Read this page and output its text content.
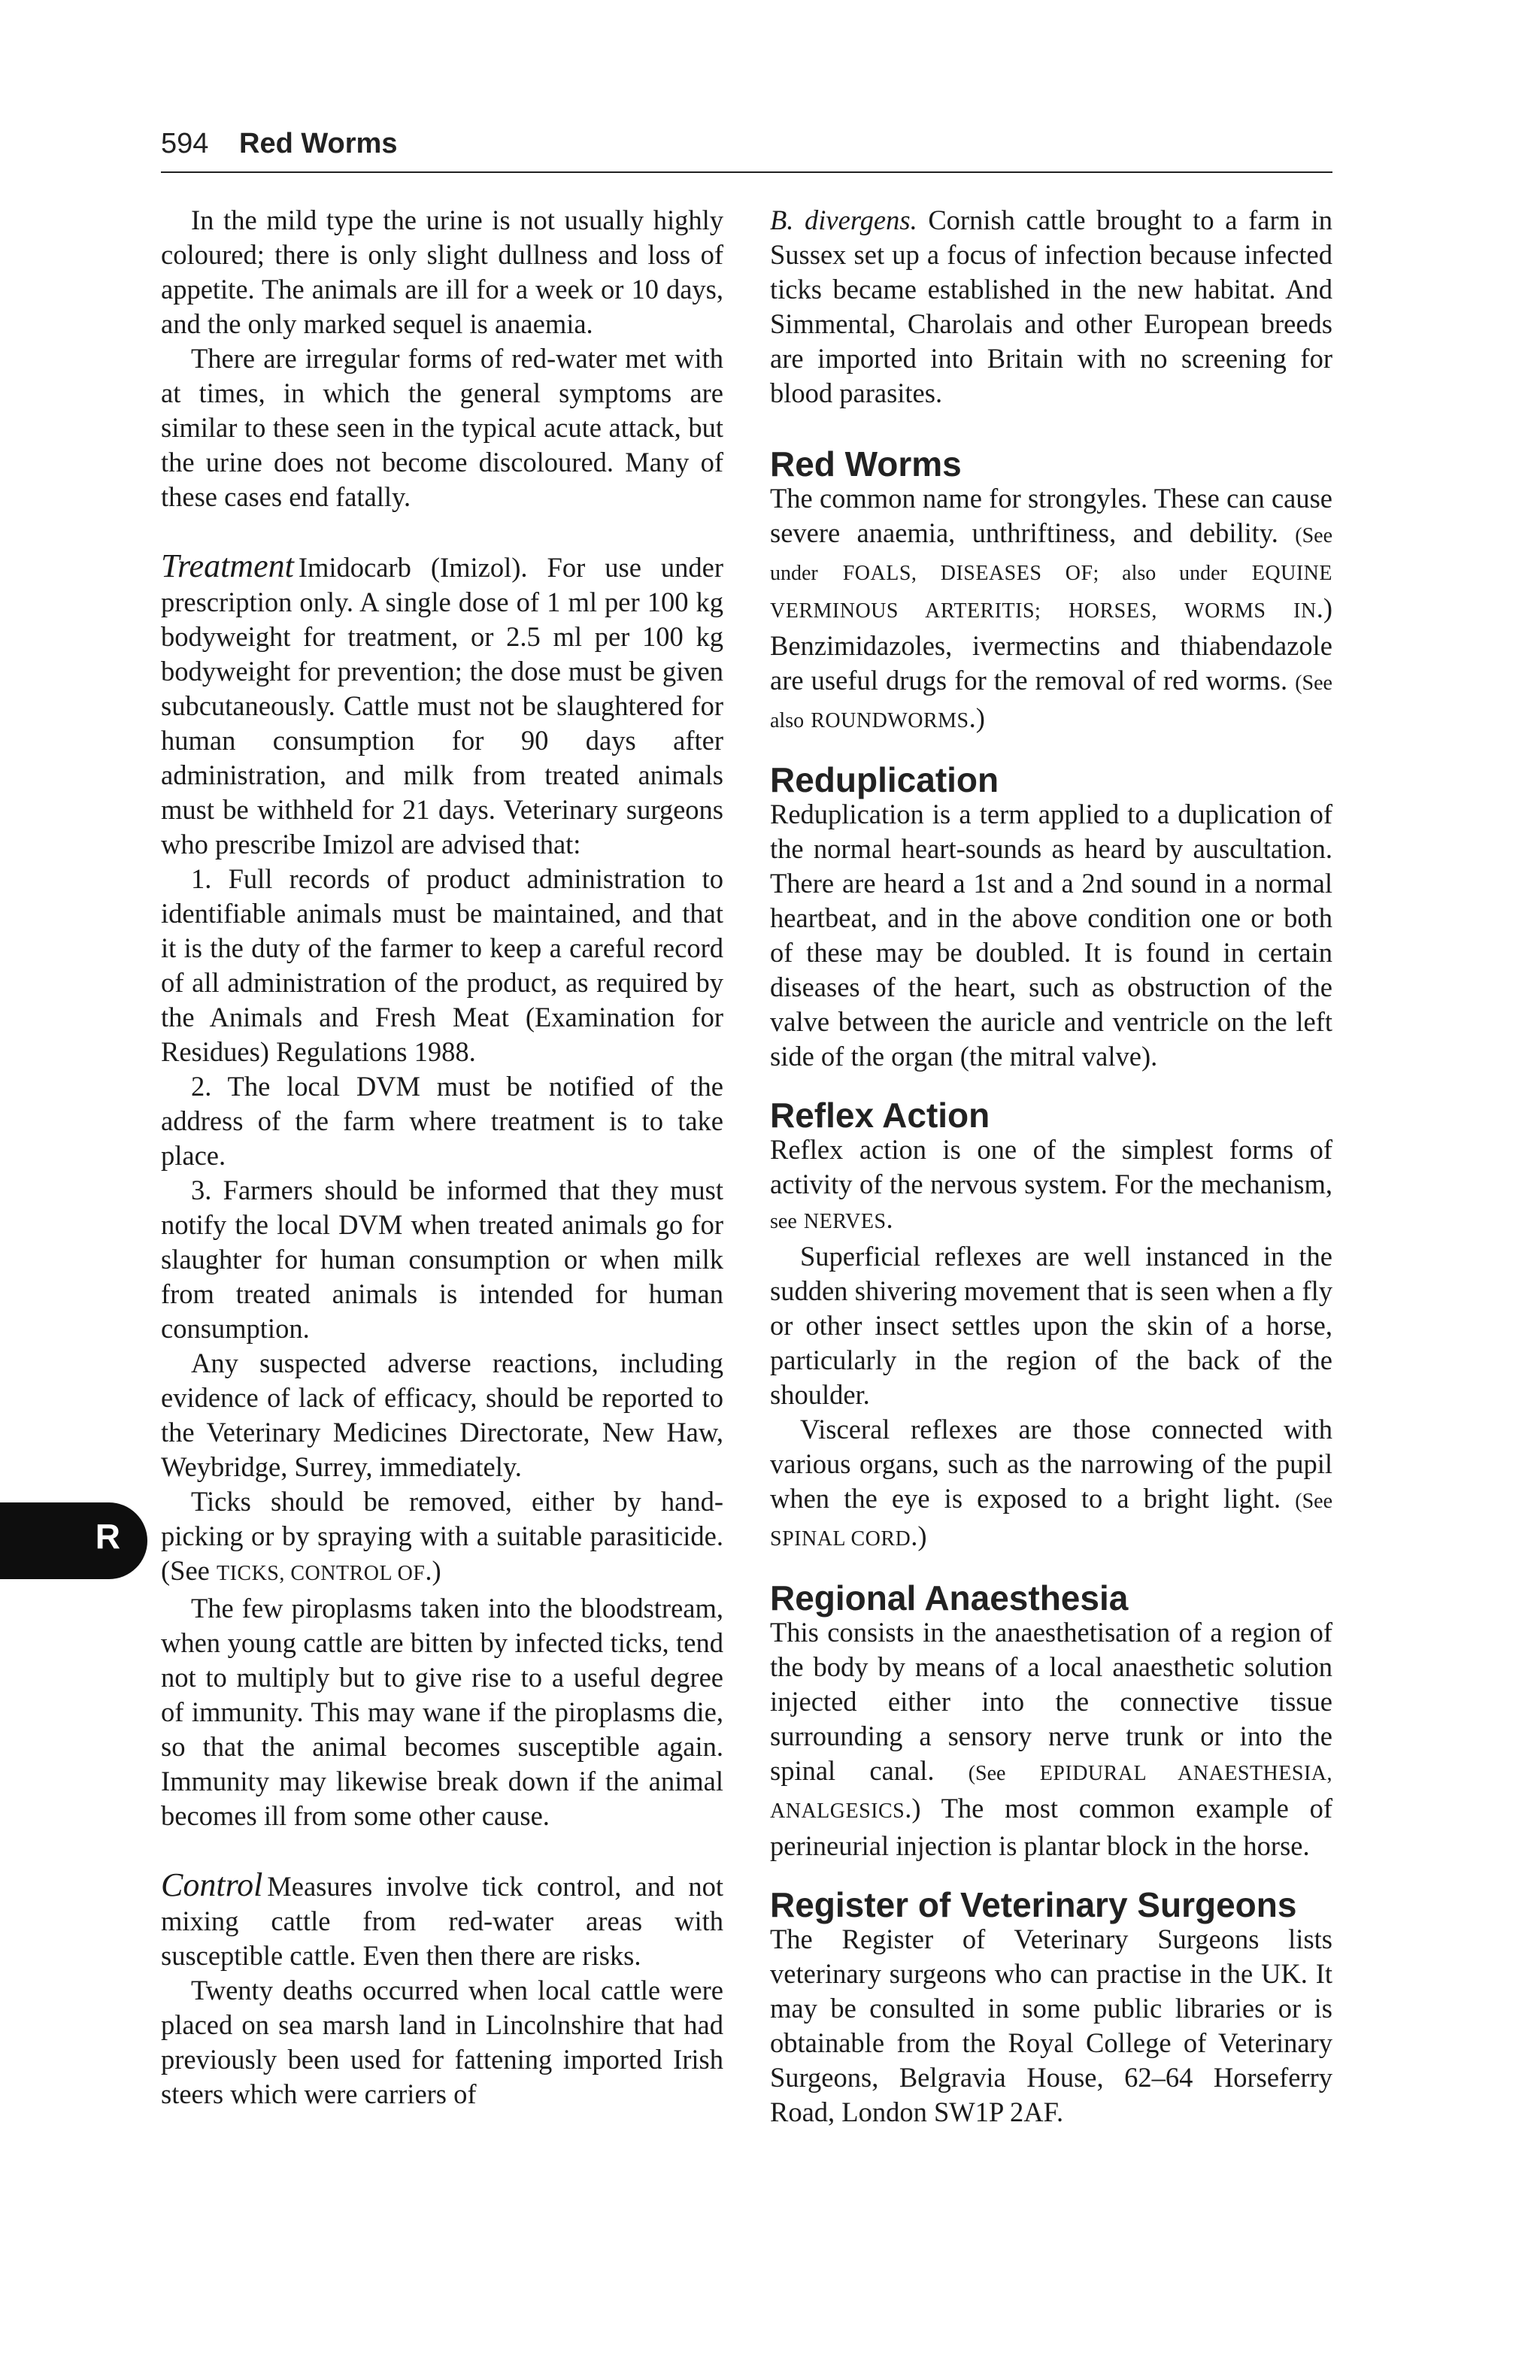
594 Red Worms

In the mild type the urine is not usually highly coloured; there is only slight dullness and loss of appetite. The animals are ill for a week or 10 days, and the only marked sequel is anaemia.

There are irregular forms of red-water met with at times, in which the general symptoms are similar to these seen in the typical acute attack, but the urine does not become discoloured. Many of these cases end fatally.

Treatment Imidocarb (Imizol). For use under prescription only. A single dose of 1 ml per 100 kg bodyweight for treatment, or 2.5 ml per 100 kg bodyweight for prevention; the dose must be given subcutaneously. Cattle must not be slaughtered for human consumption for 90 days after administration, and milk from treated animals must be withheld for 21 days. Veterinary surgeons who prescribe Imizol are advised that:

1. Full records of product administration to identifiable animals must be maintained, and that it is the duty of the farmer to keep a careful record of all administration of the product, as required by the Animals and Fresh Meat (Examination for Residues) Regulations 1988.

2. The local DVM must be notified of the address of the farm where treatment is to take place.

3. Farmers should be informed that they must notify the local DVM when treated animals go for slaughter for human consumption or when milk from treated animals is intended for human consumption.

Any suspected adverse reactions, including evidence of lack of efficacy, should be reported to the Veterinary Medicines Directorate, New Haw, Weybridge, Surrey, immediately.

Ticks should be removed, either by hand-picking or by spraying with a suitable parasiticide. (See TICKS, CONTROL OF.)

The few piroplasms taken into the bloodstream, when young cattle are bitten by infected ticks, tend not to multiply but to give rise to a useful degree of immunity. This may wane if the piroplasms die, so that the animal becomes susceptible again. Immunity may likewise break down if the animal becomes ill from some other cause.

Control Measures involve tick control, and not mixing cattle from red-water areas with susceptible cattle. Even then there are risks.

Twenty deaths occurred when local cattle were placed on sea marsh land in Lincolnshire that had previously been used for fattening imported Irish steers which were carriers of

B. divergens. Cornish cattle brought to a farm in Sussex set up a focus of infection because infected ticks became established in the new habitat. And Simmental, Charolais and other European breeds are imported into Britain with no screening for blood parasites.

Red Worms

The common name for strongyles. These can cause severe anaemia, unthriftiness, and debility. (See under FOALS, DISEASES OF; also under EQUINE VERMINOUS ARTERITIS; HORSES, WORMS IN.) Benzimidazoles, ivermectins and thiabendazole are useful drugs for the removal of red worms. (See also ROUNDWORMS.)

Reduplication

Reduplication is a term applied to a duplication of the normal heart-sounds as heard by auscultation. There are heard a 1st and a 2nd sound in a normal heartbeat, and in the above condition one or both of these may be doubled. It is found in certain diseases of the heart, such as obstruction of the valve between the auricle and ventricle on the left side of the organ (the mitral valve).

Reflex Action

Reflex action is one of the simplest forms of activity of the nervous system. For the mechanism, see NERVES.

Superficial reflexes are well instanced in the sudden shivering movement that is seen when a fly or other insect settles upon the skin of a horse, particularly in the region of the back of the shoulder.

Visceral reflexes are those connected with various organs, such as the narrowing of the pupil when the eye is exposed to a bright light. (See SPINAL CORD.)

Regional Anaesthesia

This consists in the anaesthetisation of a region of the body by means of a local anaesthetic solution injected either into the connective tissue surrounding a sensory nerve trunk or into the spinal canal. (See EPIDURAL ANAESTHESIA, ANALGESICS.) The most common example of perineurial injection is plantar block in the horse.

Register of Veterinary Surgeons

The Register of Veterinary Surgeons lists veterinary surgeons who can practise in the UK. It may be consulted in some public libraries or is obtainable from the Royal College of Veterinary Surgeons, Belgravia House, 62–64 Horseferry Road, London SW1P 2AF.

R
